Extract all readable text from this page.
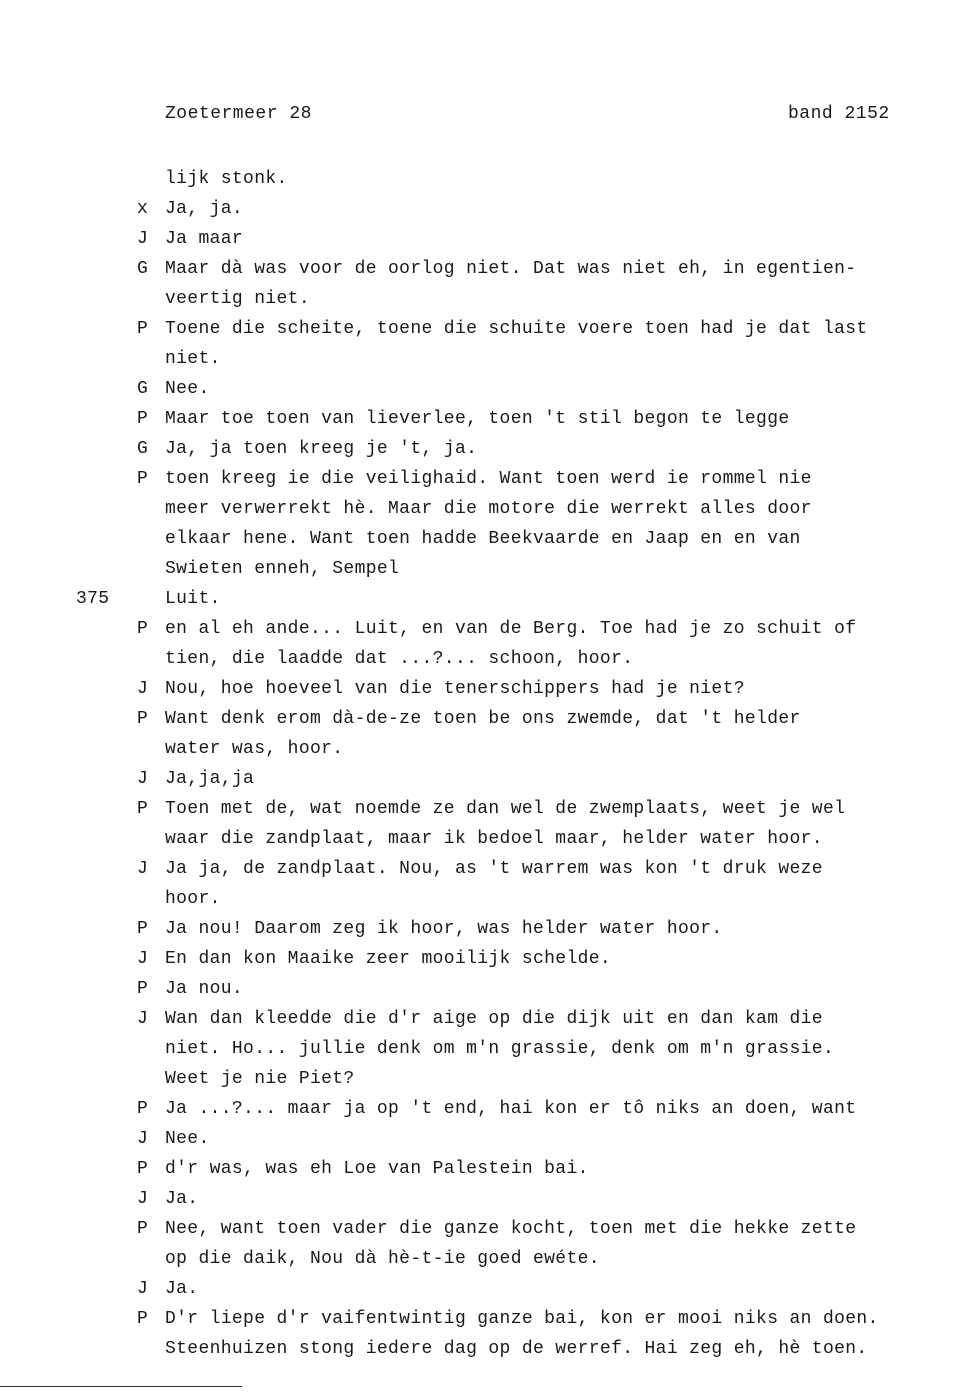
Zoetermeer 28	band 2152
lijk stonk.
x Ja, ja.
J Ja maar
G Maar dà was voor de oorlog niet. Dat was niet eh, in egentien-
veertig niet.
P Toene die scheite, toene die schuite voere toen had je dat last
niet.
G Nee.
P Maar toe toen van lieverlee, toen 't stil begon te legge
G Ja, ja toen kreeg je 't, ja.
P toen kreeg ie die veilighaid. Want toen werd ie rommel nie
meer verwerrekt hè. Maar die motore die werrekt alles door
elkaar hene. Want toen hadde Beekvaarde en Jaap en en van
Swieten enneh, Sempel
375	Luit.
P en al eh ande... Luit, en van de Berg. Toe had je zo schuit of
tien, die laadde dat ...?... schoon, hoor.
J Nou, hoe hoeveel van die tenerschippers had je niet?
P Want denk erom dà-de-ze toen be ons zwemde, dat 't helder
water was, hoor.
J Ja,ja,ja
P Toen met de, wat noemde ze dan wel de zwemplaats, weet je wel
waar die zandplaat, maar ik bedoel maar, helder water hoor.
J Ja ja, de zandplaat. Nou, as 't warrem was kon 't druk weze
hoor.
P Ja nou! Daarom zeg ik hoor, was helder water hoor.
J En dan kon Maaike zeer mooilijk schelde.
P Ja nou.
J Wan dan kleedde die d'r aige op die dijk uit en dan kam die
niet. Ho... jullie denk om m'n grassie, denk om m'n grassie.
Weet je nie Piet?
P Ja ...?... maar ja op 't end, hai kon er tô niks an doen, want
J Nee.
P d'r was, was eh Loe van Palestein bai.
J Ja.
P Nee, want toen vader die ganze kocht, toen met die hekke zette
op die daik, Nou dà hè-t-ie goed ewéte.
J Ja.
P D'r liepe d'r vaifentwintig ganze bai, kon er mooi niks an doen.
Steenhuizen stong iedere dag op de werref. Hai zeg eh, hè toen.
